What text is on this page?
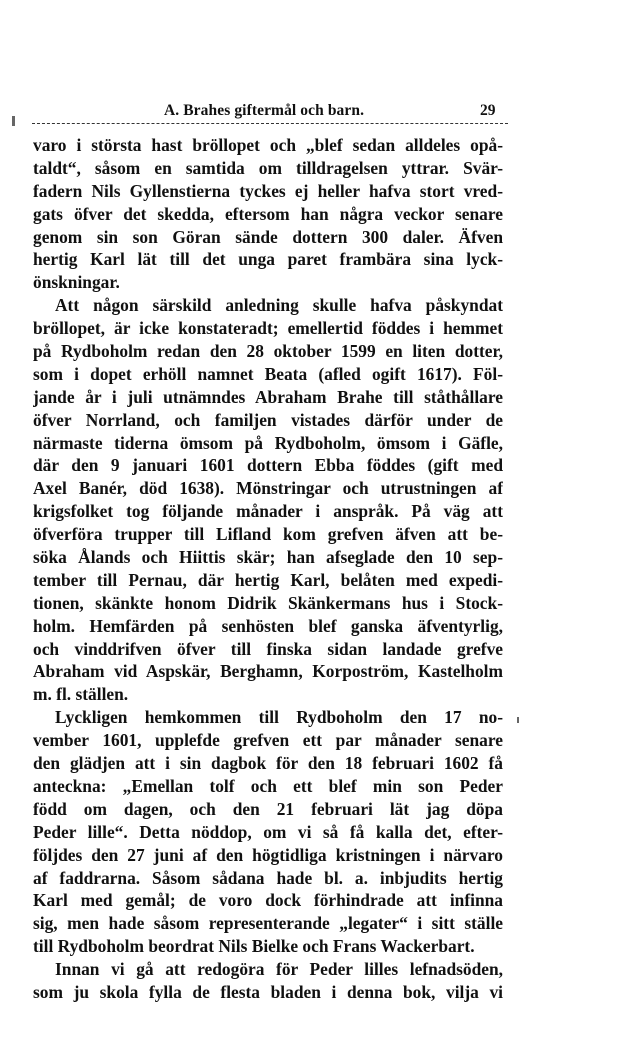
A. Brahes giftermål och barn.	29
varo i största hast bröllopet och „blef sedan alldeles opå-
taldt“, såsom en samtida om tilldragelsen yttrar. Svär-
fadern Nils Gyllenstierna tyckes ej heller hafva stort vred-
gats öfver det skedda, eftersom han några veckor senare
genom sin son Göran sände dottern 300 daler. Äfven
hertig Karl lät till det unga paret frambära sina lyck-
önskningar.
Att någon särskild anledning skulle hafva påskyndat
bröllopet, är icke konstateradt; emellertid föddes i hemmet
på Rydboholm redan den 28 oktober 1599 en liten dotter,
som i dopet erhöll namnet Beata (afled ogift 1617). Föl-
jande år i juli utnämndes Abraham Brahe till ståthållare
öfver Norrland, och familjen vistades därför under de
närmaste tiderna ömsom på Rydboholm, ömsom i Gäfle,
där den 9 januari 1601 dottern Ebba föddes (gift med
Axel Banér, död 1638). Mönstringar och utrustningen af
krigsfolket tog följande månader i anspråk. På väg att
öfverföra trupper till Lifland kom grefven äfven att be-
söka Ålands och Hiittis skär; han afseglade den 10 sep-
tember till Pernau, där hertig Karl, belåten med expedi-
tionen, skänkte honom Didrik Skänkermans hus i Stock-
holm. Hemfärden på senhösten blef ganska äfventyrlig,
och vinddrifven öfver till finska sidan landade grefve
Abraham vid Aspskär, Berghamn, Korpoström, Kastelholm
m. fl. ställen.
Lyckligen hemkommen till Rydboholm den 17 no-
vember 1601, upplefde grefven ett par månader senare
den glädjen att i sin dagbok för den 18 februari 1602 få
anteckna: „Emellan tolf och ett blef min son Peder
född om dagen, och den 21 februari lät jag döpa
Peder lille“. Detta nöddop, om vi så få kalla det, efter-
följdes den 27 juni af den högtidliga kristningen i närvaro
af faddrarna. Såsom sådana hade bl. a. inbjudits hertig
Karl med gemål; de voro dock förhindrade att infinna
sig, men hade såsom representerande „legater“ i sitt ställe
till Rydboholm beordrat Nils Bielke och Frans Wackerbart.
Innan vi gå att redogöra för Peder lilles lefnadsöden,
som ju skola fylla de flesta bladen i denna bok, vilja vi
